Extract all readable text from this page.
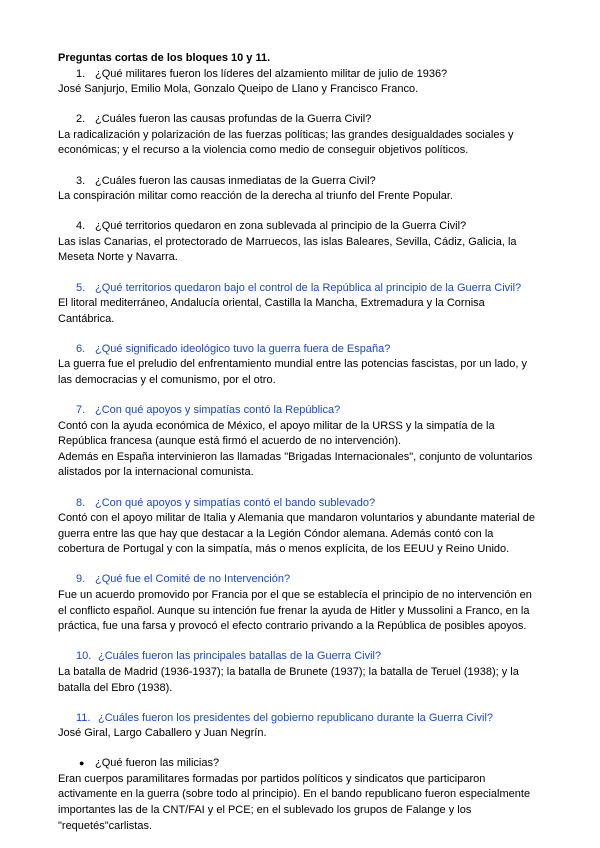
Preguntas cortas de los bloques 10 y 11.
1. ¿Qué militares fueron los líderes del alzamiento militar de julio de 1936?
José Sanjurjo, Emilio Mola, Gonzalo Queipo de Llano y Francisco Franco.
2. ¿Cuáles fueron las causas profundas de la Guerra Civil?
La radicalización y polarización de las fuerzas políticas; las grandes desigualdades sociales y
económicas; y el recurso a la violencia como medio de conseguir objetivos políticos.
3. ¿Cuáles fueron las causas inmediatas de la Guerra Civil?
La conspiración militar como reacción de la derecha al triunfo del Frente Popular.
4. ¿Qué territorios quedaron en zona sublevada al principio de la Guerra Civil?
Las islas Canarias, el protectorado de Marruecos, las islas Baleares, Sevilla, Cádiz, Galicia, la
Meseta Norte y Navarra.
5. ¿Qué territorios quedaron bajo el control de la República al principio de la Guerra Civil?
El litoral mediterráneo, Andalucía oriental, Castilla la Mancha, Extremadura y la Cornisa
Cantábrica.
6. ¿Qué significado ideológico tuvo la guerra fuera de España?
La guerra fue el preludio del enfrentamiento mundial entre las potencias fascistas, por un lado, y
las democracias y el comunismo, por el otro.
7. ¿Con qué apoyos y simpatías contó la República?
Contó con la ayuda económica de México, el apoyo militar de la URSS y la simpatía de la
República francesa (aunque está firmó el acuerdo de no intervención).
Además en España intervinieron las llamadas "Brigadas Internacionales", conjunto de voluntarios
alistados por la internacional comunista.
8. ¿Con qué apoyos y simpatías contó el bando sublevado?
Contó con el apoyo militar de Italia y Alemania que mandaron voluntarios y abundante material de
guerra entre las que hay que destacar a la Legión Cóndor alemana. Además contó con la
cobertura de Portugal y con la simpatía, más o menos explícita, de los EEUU y Reino Unido.
9. ¿Qué fue el Comité de no Intervención?
Fue un acuerdo promovido por Francia por el que se establecía el principio de no intervención en
el conflicto español. Aunque su intención fue frenar la ayuda de Hitler y Mussolini a Franco, en la
práctica, fue una farsa y provocó el efecto contrario privando a la República de posibles apoyos.
10. ¿Cuáles fueron las principales batallas de la Guerra Civil?
La batalla de Madrid (1936-1937); la batalla de Brunete (1937); la batalla de Teruel (1938); y la
batalla del Ebro (1938).
11. ¿Cuáles fueron los presidentes del gobierno republicano durante la Guerra Civil?
José Giral, Largo Caballero y Juan Negrín.
● ¿Qué fueron las milicias?
Eran cuerpos paramilitares formadas por partidos políticos y sindicatos que participaron
activamente en la guerra (sobre todo al principio). En el bando republicano fueron especialmente
importantes las de la CNT/FAI y el PCE; en el sublevado los grupos de Falange y los
"requetés"carlistas.
